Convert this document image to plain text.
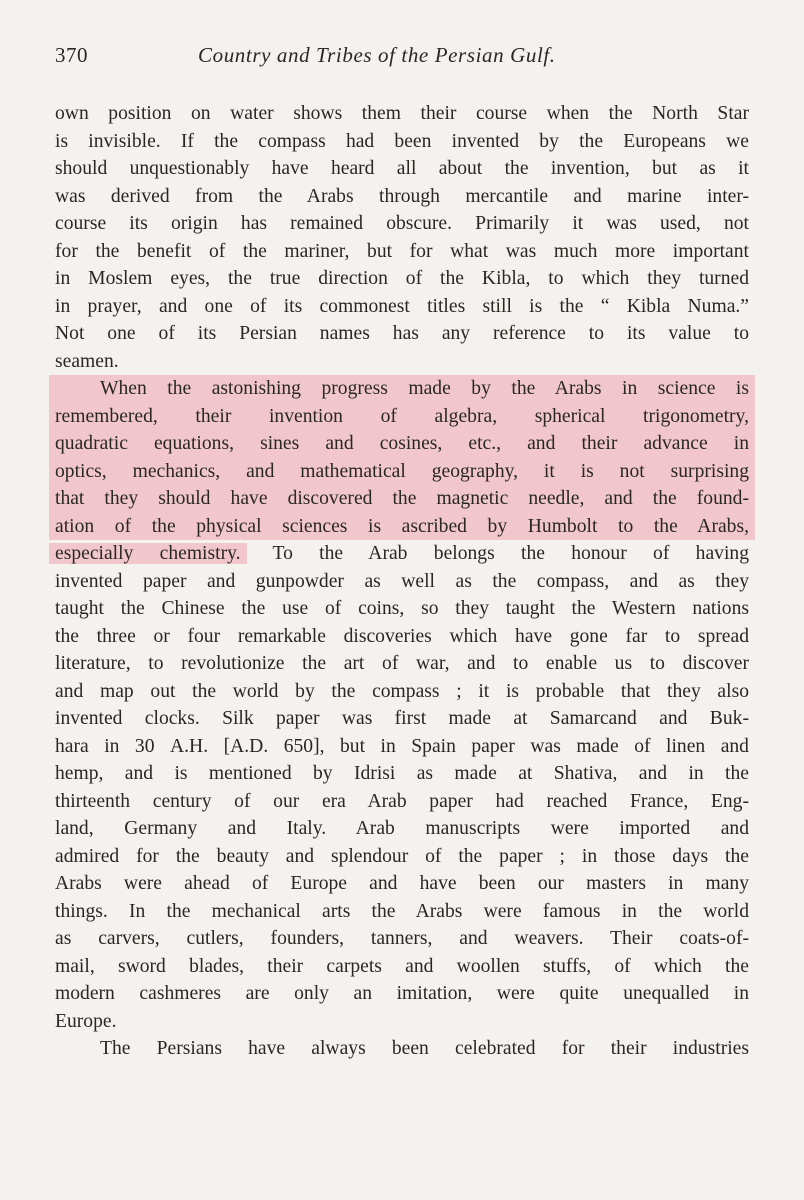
370	Country and Tribes of the Persian Gulf.
own position on water shows them their course when the North Star
is invisible. If the compass had been invented by the Europeans we
should unquestionably have heard all about the invention, but as it
was derived from the Arabs through mercantile and marine inter-
course its origin has remained obscure. Primarily it was used, not
for the benefit of the mariner, but for what was much more important
in Moslem eyes, the true direction of the Kibla, to which they turned
in prayer, and one of its commonest titles still is the “ Kibla Numa.”
Not one of its Persian names has any reference to its value to
seamen.
When the astonishing progress made by the Arabs in science is
remembered, their invention of algebra, spherical trigonometry,
quadratic equations, sines and cosines, etc., and their advance in
optics, mechanics, and mathematical geography, it is not surprising
that they should have discovered the magnetic needle, and the found-
ation of the physical sciences is ascribed by Humbolt to the Arabs,
especially chemistry. To the Arab belongs the honour of having
invented paper and gunpowder as well as the compass, and as they
taught the Chinese the use of coins, so they taught the Western nations
the three or four remarkable discoveries which have gone far to spread
literature, to revolutionize the art of war, and to enable us to discover
and map out the world by the compass ; it is probable that they also
invented clocks. Silk paper was first made at Samarcand and Buk-
hara in 30 A.H. [A.D. 650], but in Spain paper was made of linen and
hemp, and is mentioned by Idrisi as made at Shativa, and in the
thirteenth century of our era Arab paper had reached France, Eng-
land, Germany and Italy. Arab manuscripts were imported and
admired for the beauty and splendour of the paper ; in those days the
Arabs were ahead of Europe and have been our masters in many
things. In the mechanical arts the Arabs were famous in the world
as carvers, cutlers, founders, tanners, and weavers. Their coats-of-
mail, sword blades, their carpets and woollen stuffs, of which the
modern cashmeres are only an imitation, were quite unequalled in
Europe.
The Persians have always been celebrated for their industries
